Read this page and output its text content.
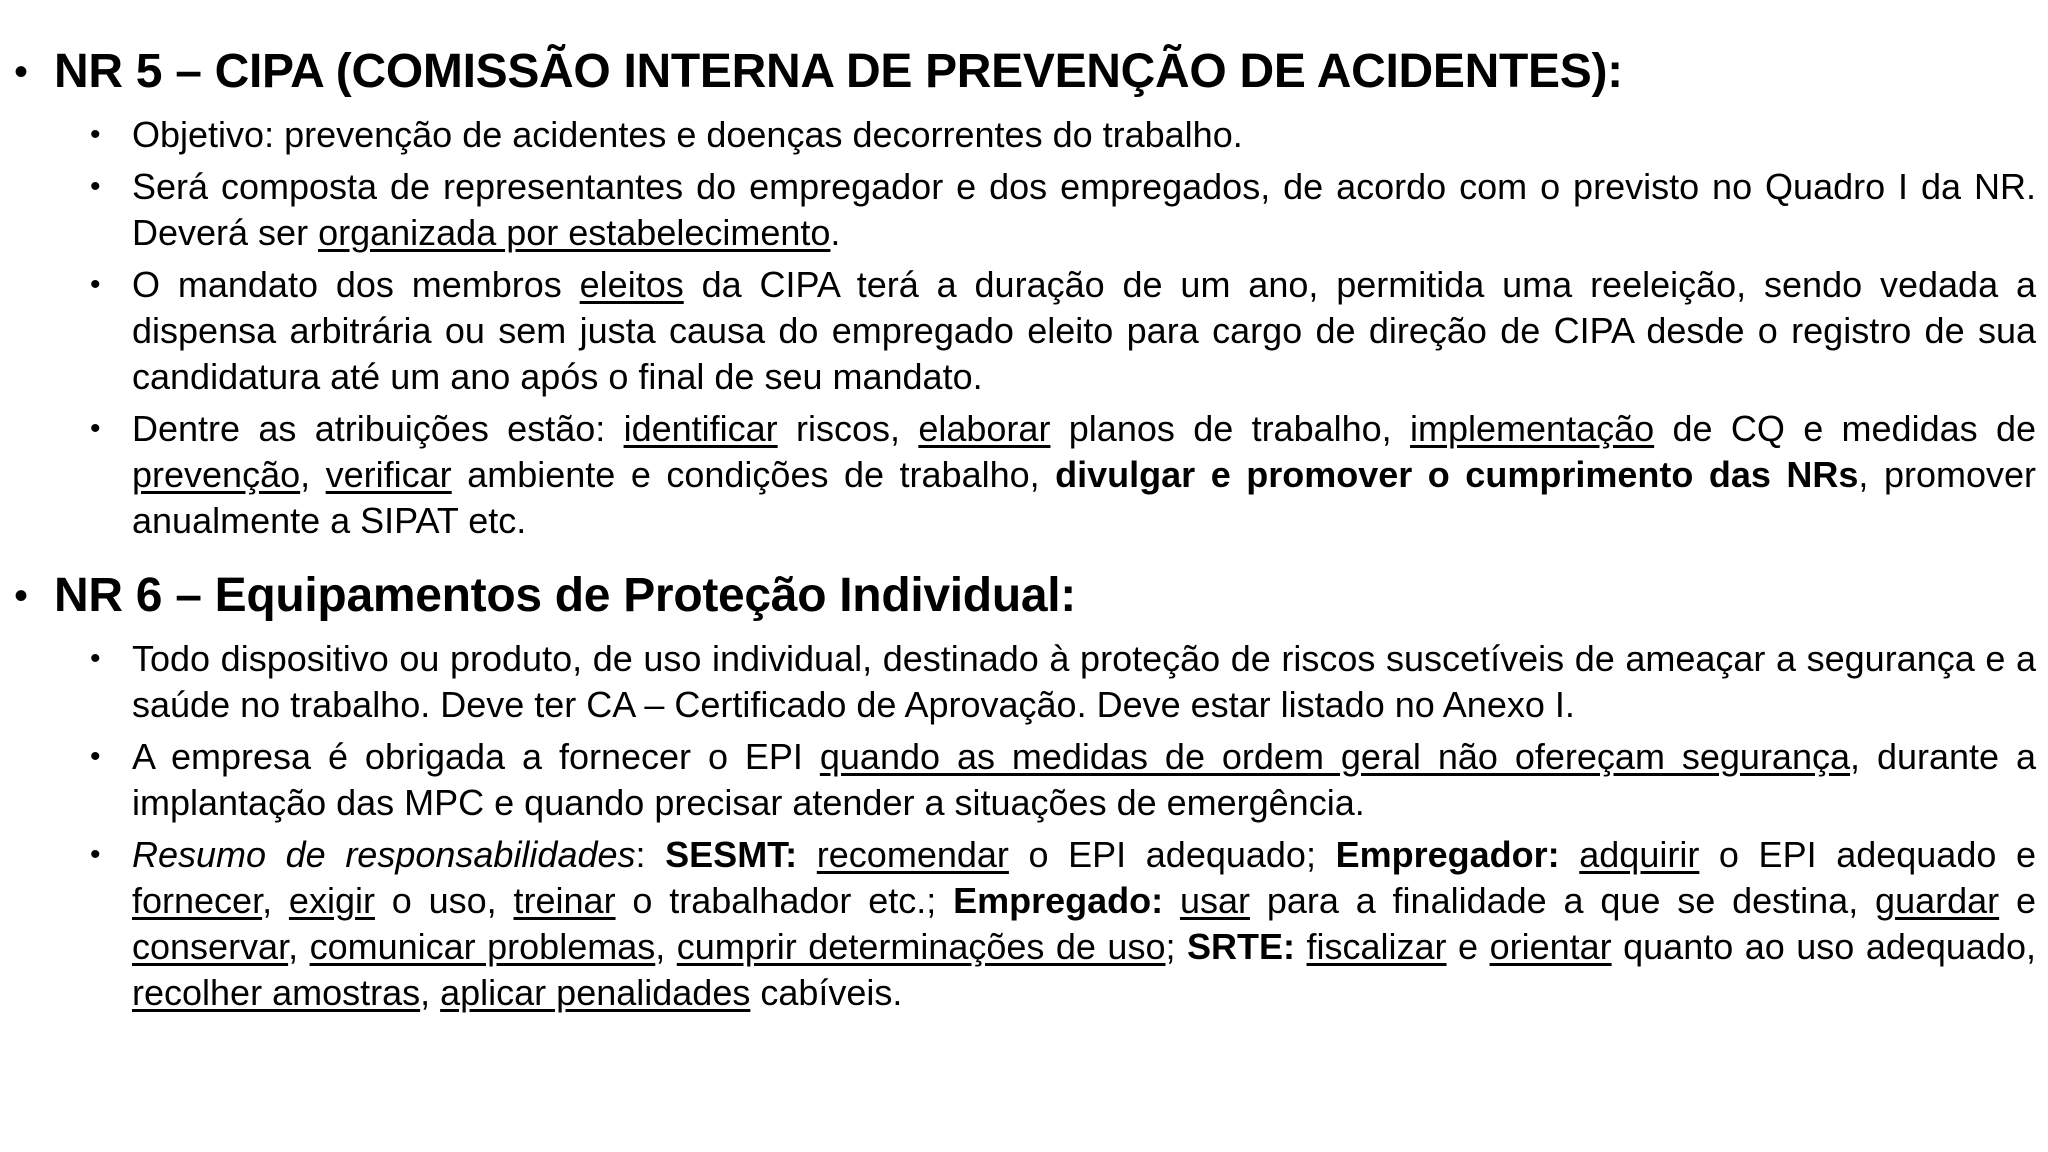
• NR 5 – CIPA (COMISSÃO INTERNA DE PREVENÇÃO DE ACIDENTES):
• Objetivo: prevenção de acidentes e doenças decorrentes do trabalho.
• Será composta de representantes do empregador e dos empregados, de acordo com o previsto no Quadro I da NR. Deverá ser organizada por estabelecimento.
• O mandato dos membros eleitos da CIPA terá a duração de um ano, permitida uma reeleição, sendo vedada a dispensa arbitrária ou sem justa causa do empregado eleito para cargo de direção de CIPA desde o registro de sua candidatura até um ano após o final de seu mandato.
• Dentre as atribuições estão: identificar riscos, elaborar planos de trabalho, implementação de CQ e medidas de prevenção, verificar ambiente e condições de trabalho, divulgar e promover o cumprimento das NRs, promover anualmente a SIPAT etc.
• NR 6 – Equipamentos de Proteção Individual:
• Todo dispositivo ou produto, de uso individual, destinado à proteção de riscos suscetíveis de ameaçar a segurança e a saúde no trabalho. Deve ter CA – Certificado de Aprovação. Deve estar listado no Anexo I.
• A empresa é obrigada a fornecer o EPI quando as medidas de ordem geral não ofereçam segurança, durante a implantação das MPC e quando precisar atender a situações de emergência.
• Resumo de responsabilidades: SESMT: recomendar o EPI adequado; Empregador: adquirir o EPI adequado e fornecer, exigir o uso, treinar o trabalhador etc.; Empregado: usar para a finalidade a que se destina, guardar e conservar, comunicar problemas, cumprir determinações de uso; SRTE: fiscalizar e orientar quanto ao uso adequado, recolher amostras, aplicar penalidades cabíveis.
